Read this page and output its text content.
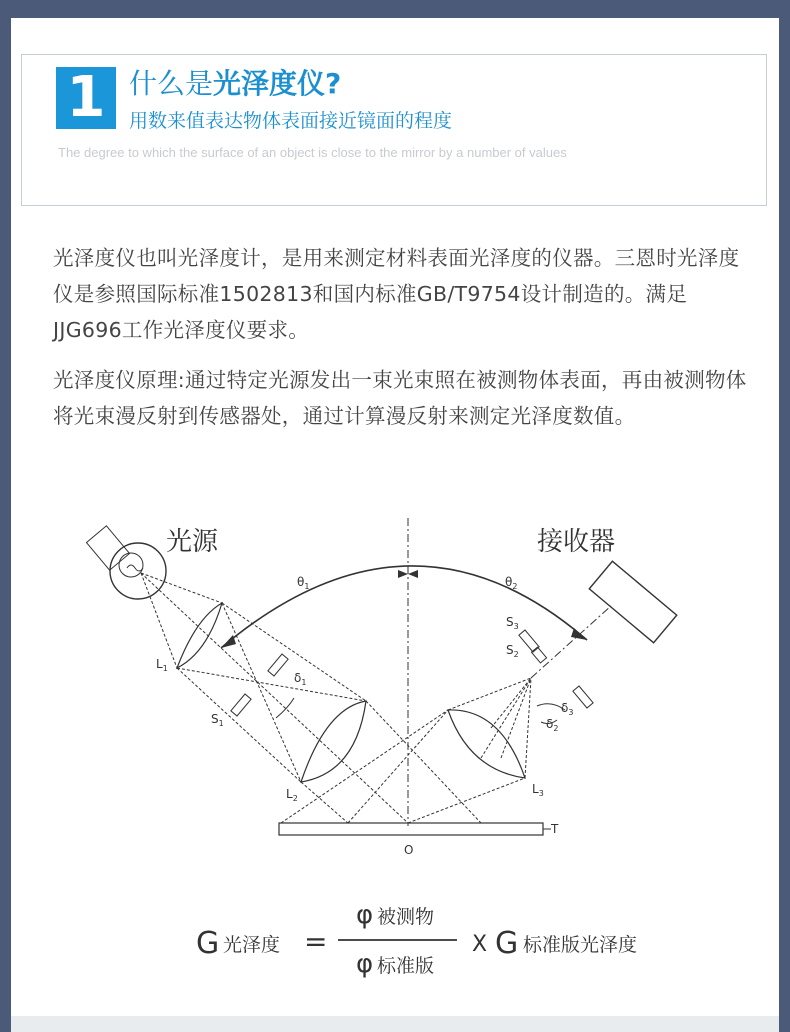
1 什么是光泽度仪?
用数来值表达物体表面接近镜面的程度
The degree to which the surface of an object is close to the mirror by a number of values
光泽度仪也叫光泽度计，是用来测定材料表面光泽度的仪器。三恩时光泽度仪是参照国际标准1502813和国内标准GB/T9754设计制造的。满足JJG696工作光泽度仪要求。
光泽度仪原理:通过特定光源发出一束光束照在被测物体表面，再由被测物体将光束漫反射到传感器处，通过计算漫反射来测定光泽度数值。
光源	接收器
$\theta_1$	$\theta_2$
$L_1$
$L_2$
$L_3$
$S_1$
$S_2$
$S_3$
$\delta_1$
$\delta_2$
$\delta_3$
O
T
G 光泽度 =
φ 被测物
φ 标准版
X G 标准版光泽度
